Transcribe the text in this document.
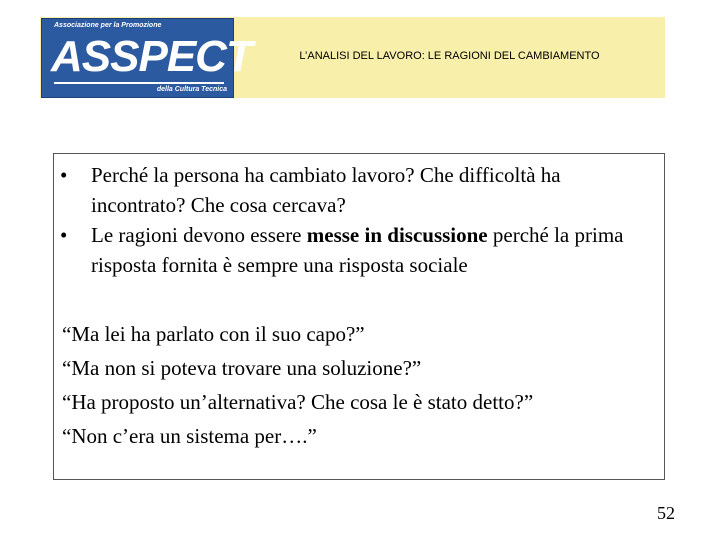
Associazione per la Promozione
ASSPECT
della Cultura Tecnica
L’ANALISI DEL LAVORO: LE RAGIONI DEL CAMBIAMENTO
•	Perché la persona ha cambiato lavoro? Che difficoltà ha incontrato? Che cosa cercava?
•	Le ragioni devono essere messe in discussione perché la prima risposta fornita è sempre una risposta sociale
“Ma lei ha parlato con il suo capo?”
“Ma non si poteva trovare una soluzione?”
“Ha proposto un’alternativa? Che cosa le è stato detto?”
“Non c’era un sistema per….”
52
